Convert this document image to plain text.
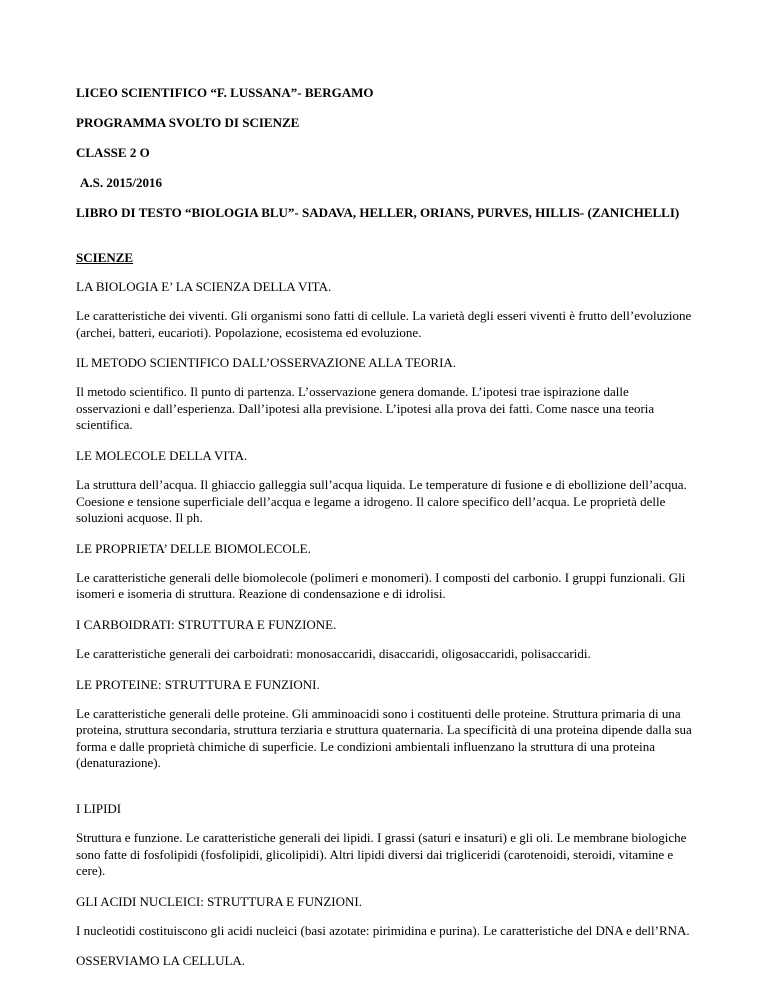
LICEO SCIENTIFICO “F. LUSSANA”- BERGAMO

PROGRAMMA SVOLTO DI SCIENZE

CLASSE 2 O

A.S. 2015/2016

LIBRO DI TESTO “BIOLOGIA BLU”- SADAVA, HELLER, ORIANS, PURVES, HILLIS- (ZANICHELLI)

SCIENZE

LA BIOLOGIA E’ LA SCIENZA DELLA VITA.

Le caratteristiche dei viventi. Gli organismi sono fatti di cellule. La varietà degli esseri viventi è frutto dell’evoluzione (archei, batteri, eucarioti). Popolazione, ecosistema ed evoluzione.

IL METODO SCIENTIFICO DALL’OSSERVAZIONE ALLA TEORIA.

Il metodo scientifico. Il punto di partenza. L’osservazione genera domande. L’ipotesi trae ispirazione dalle osservazioni e dall’esperienza. Dall’ipotesi alla previsione. L’ipotesi alla prova dei fatti. Come nasce una teoria scientifica.

LE MOLECOLE DELLA VITA.

La struttura dell’acqua. Il ghiaccio galleggia sull’acqua liquida. Le temperature di fusione e di ebollizione dell’acqua. Coesione e tensione superficiale dell’acqua e legame a idrogeno. Il calore specifico dell’acqua. Le proprietà delle soluzioni acquose. Il ph.

LE PROPRIETA’ DELLE BIOMOLECOLE.

Le caratteristiche generali delle biomolecole (polimeri e monomeri). I composti del carbonio. I gruppi funzionali. Gli isomeri e isomeria di struttura. Reazione di condensazione e di idrolisi.

I CARBOIDRATI: STRUTTURA E FUNZIONE.

Le caratteristiche generali dei carboidrati: monosaccaridi, disaccaridi, oligosaccaridi, polisaccaridi.

LE PROTEINE: STRUTTURA E FUNZIONI.

Le caratteristiche generali delle proteine. Gli amminoacidi sono i costituenti delle proteine. Struttura primaria di una proteina, struttura secondaria, struttura terziaria e struttura quaternaria. La specificità di una proteina dipende dalla sua forma e dalle proprietà chimiche di superficie. Le condizioni ambientali influenzano la struttura di una proteina (denaturazione).

I LIPIDI

Struttura e funzione. Le caratteristiche generali dei lipidi. I grassi (saturi e insaturi) e gli oli. Le membrane biologiche sono fatte di fosfolipidi (fosfolipidi, glicolipidi). Altri lipidi diversi dai trigliceridi (carotenoidi, steroidi, vitamine e cere).

GLI ACIDI NUCLEICI: STRUTTURA E FUNZIONI.

I nucleotidi costituiscono gli acidi nucleici (basi azotate: pirimidina e purina). Le caratteristiche del DNA e dell’RNA.

OSSERVIAMO LA CELLULA.
